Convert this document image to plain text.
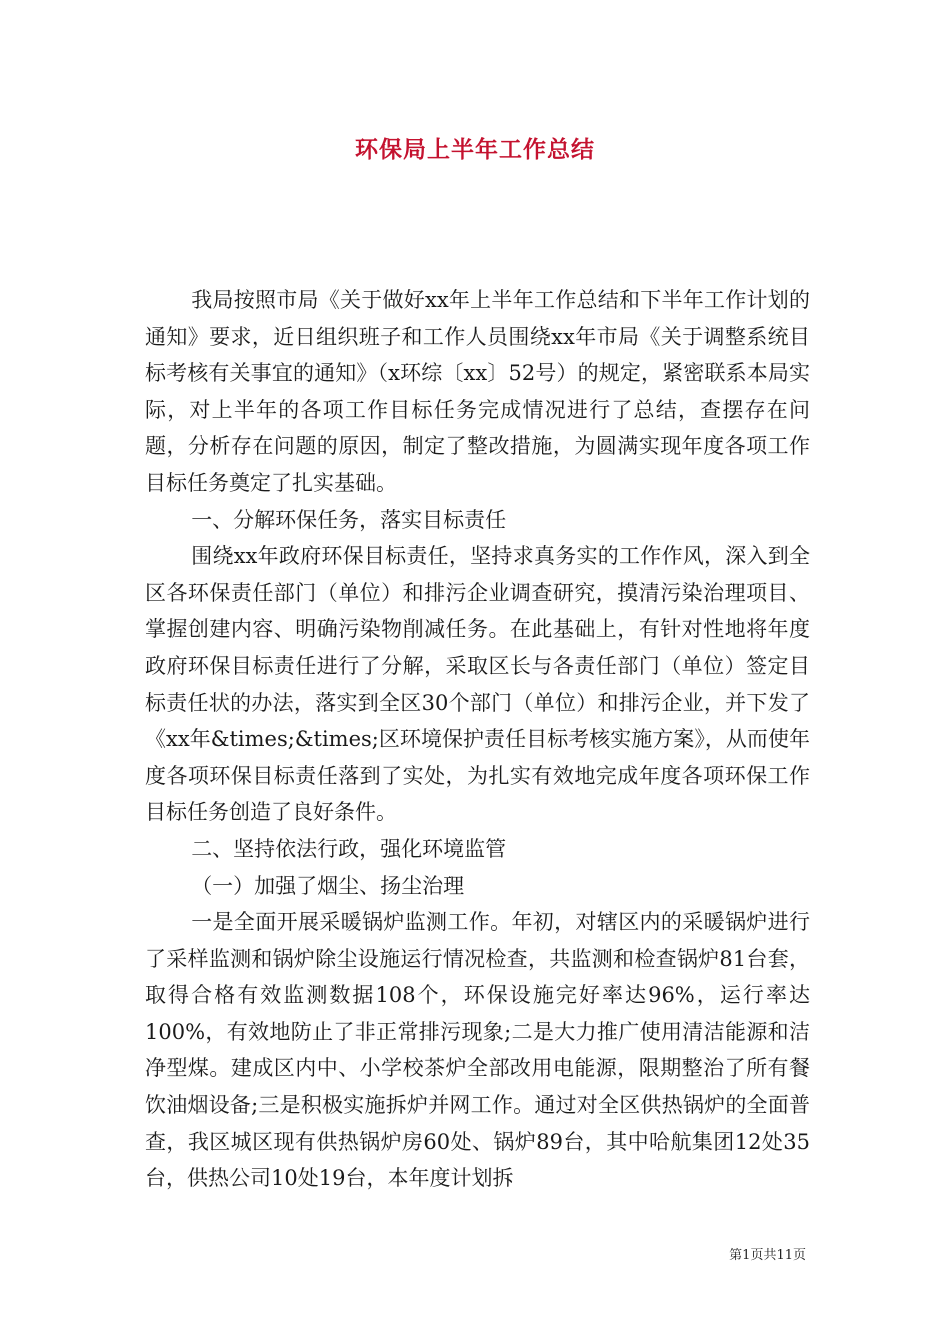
环保局上半年工作总结

我局按照市局《关于做好xx年上半年工作总结和下半年工作计划的通知》要求，近日组织班子和工作人员围绕xx年市局《关于调整系统目标考核有关事宜的通知》（x环综〔xx〕52号）的规定，紧密联系本局实际，对上半年的各项工作目标任务完成情况进行了总结，查摆存在问题，分析存在问题的原因，制定了整改措施，为圆满实现年度各项工作目标任务奠定了扎实基础。

一、分解环保任务，落实目标责任

围绕xx年政府环保目标责任，坚持求真务实的工作作风，深入到全区各环保责任部门（单位）和排污企业调查研究，摸清污染治理项目、掌握创建内容、明确污染物削减任务。在此基础上，有针对性地将年度政府环保目标责任进行了分解，采取区长与各责任部门（单位）签定目标责任状的办法，落实到全区30个部门（单位）和排污企业，并下发了《xx年&times;&times;区环境保护责任目标考核实施方案》，从而使年度各项环保目标责任落到了实处，为扎实有效地完成年度各项环保工作目标任务创造了良好条件。

二、坚持依法行政，强化环境监管

（一）加强了烟尘、扬尘治理

一是全面开展采暖锅炉监测工作。年初，对辖区内的采暖锅炉进行了采样监测和锅炉除尘设施运行情况检查，共监测和检查锅炉81台套，取得合格有效监测数据108个，环保设施完好率达96%，运行率达100%，有效地防止了非正常排污现象;二是大力推广使用清洁能源和洁净型煤。建成区内中、小学校茶炉全部改用电能源，限期整治了所有餐饮油烟设备;三是积极实施拆炉并网工作。通过对全区供热锅炉的全面普查，我区城区现有供热锅炉房60处、锅炉89台，其中哈航集团12处35台，供热公司10处19台，本年度计划拆

第1页共11页
